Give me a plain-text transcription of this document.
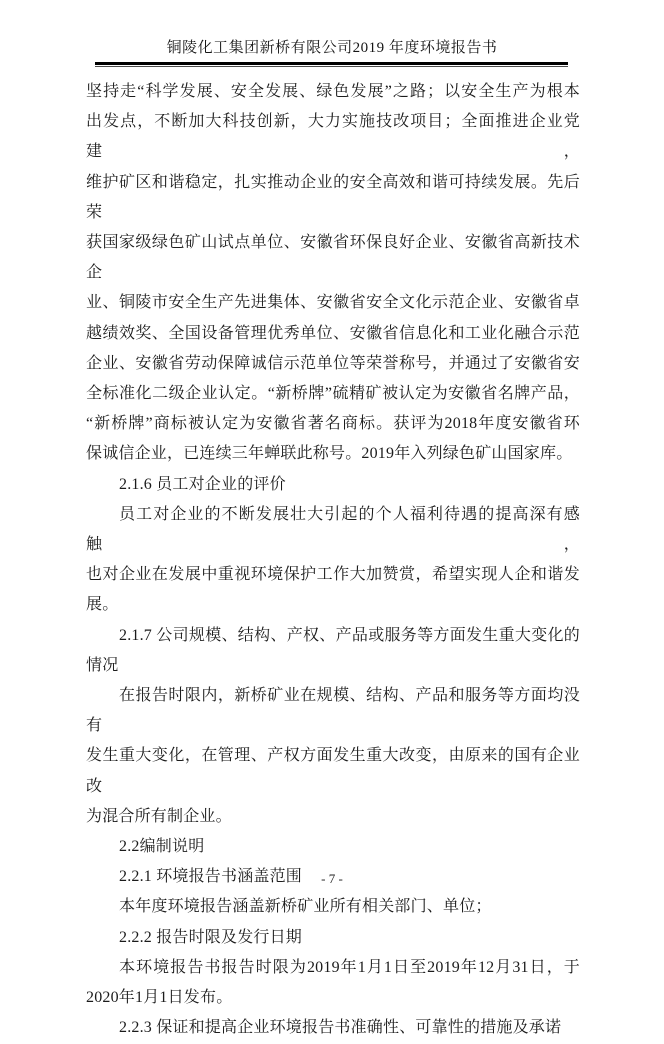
铜陵化工集团新桥有限公司2019 年度环境报告书
坚持走“科学发展、安全发展、绿色发展”之路；以安全生产为根本
出发点，不断加大科技创新，大力实施技改项目；全面推进企业党建，
维护矿区和谐稳定，扎实推动企业的安全高效和谐可持续发展。先后荣
获国家级绿色矿山试点单位、安徽省环保良好企业、安徽省高新技术企
业、铜陵市安全生产先进集体、安徽省安全文化示范企业、安徽省卓
越绩效奖、全国设备管理优秀单位、安徽省信息化和工业化融合示范
企业、安徽省劳动保障诚信示范单位等荣誉称号，并通过了安徽省安
全标准化二级企业认定。“新桥牌”硫精矿被认定为安徽省名牌产品，
“新桥牌”商标被认定为安徽省著名商标。获评为2018年度安徽省环
保诚信企业，已连续三年蝉联此称号。2019年入列绿色矿山国家库。
2.1.6 员工对企业的评价
员工对企业的不断发展壮大引起的个人福利待遇的提高深有感触，
也对企业在发展中重视环境保护工作大加赞赏，希望实现人企和谐发
展。
2.1.7 公司规模、结构、产权、产品或服务等方面发生重大变化的
情况
在报告时限内，新桥矿业在规模、结构、产品和服务等方面均没有
发生重大变化，在管理、产权方面发生重大改变，由原来的国有企业改
为混合所有制企业。
2.2编制说明
2.2.1 环境报告书涵盖范围
本年度环境报告涵盖新桥矿业所有相关部门、单位；
2.2.2 报告时限及发行日期
本环境报告书报告时限为2019年1月1日至2019年12月31日，于
2020年1月1日发布。
2.2.3 保证和提高企业环境报告书准确性、可靠性的措施及承诺
- 7 -
